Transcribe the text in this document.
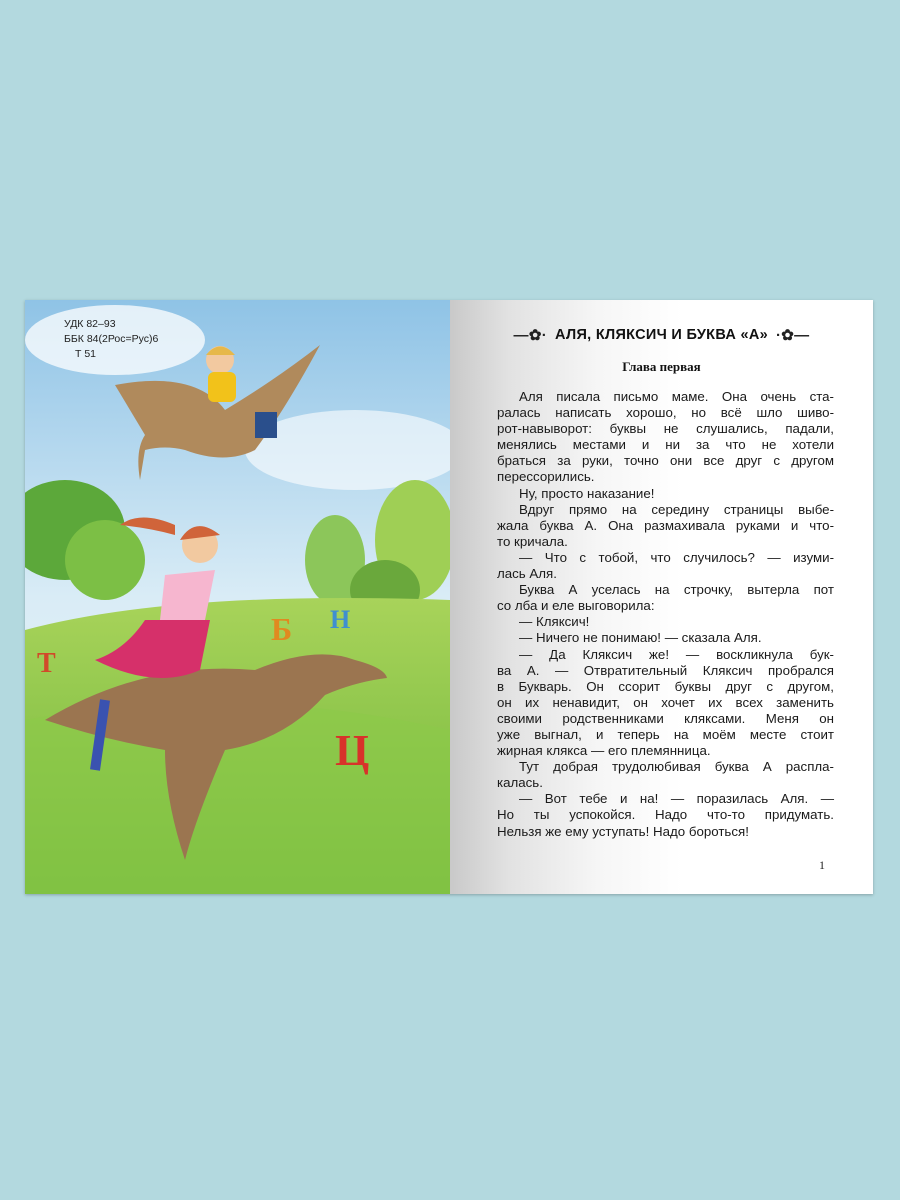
Т
Б Н
Ц
УДК 82–93
ББК 84(2Рос=Рус)6
Т 51
—✿· АЛЯ, КЛЯКСИЧ И БУКВА «А» ·✿—
Глава первая
Аля писала письмо маме. Она очень ста-
ралась написать хорошо, но всё шло шиво-
рот-навыворот: буквы не слушались, падали,
менялись местами и ни за что не хотели
браться за руки, точно они все друг с другом
перессорились.
Ну, просто наказание!
Вдруг прямо на середину страницы выбе-
жала буква А. Она размахивала руками и что-
то кричала.
— Что с тобой, что случилось? — изуми-
лась Аля.
Буква А уселась на строчку, вытерла пот
со лба и еле выговорила:
— Кляксич!
— Ничего не понимаю! — сказала Аля.
— Да Кляксич же! — воскликнула бук-
ва А. — Отвратительный Кляксич пробрался
в Букварь. Он ссорит буквы друг с другом,
он их ненавидит, он хочет их всех заменить
своими родственниками кляксами. Меня он
уже выгнал, и теперь на моём месте стоит
жирная клякса — его племянница.
Тут добрая трудолюбивая буква А распла-
калась.
— Вот тебе и на! — поразилась Аля. —
Но ты успокойся. Надо что-то придумать.
Нельзя же ему уступать! Надо бороться!
1
